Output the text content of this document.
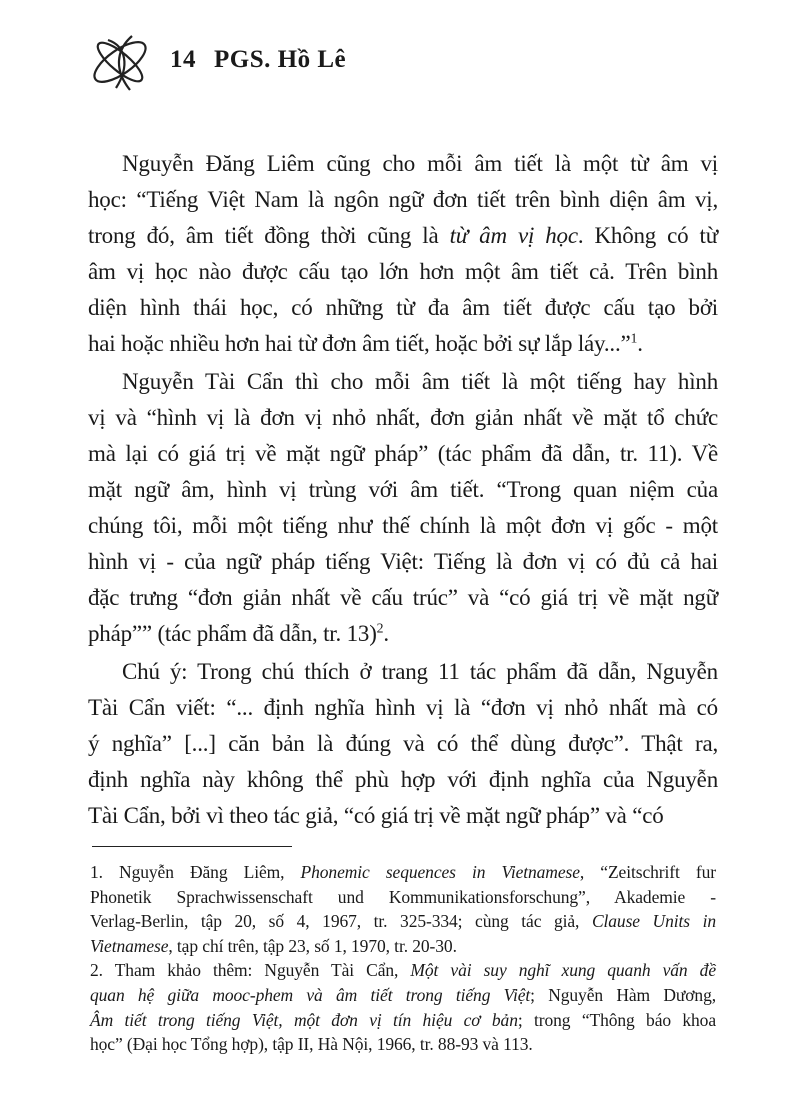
14 PGS. Hồ Lê
Nguyễn Đăng Liêm cũng cho mỗi âm tiết là một từ âm vị
học: “Tiếng Việt Nam là ngôn ngữ đơn tiết trên bình diện âm vị,
trong đó, âm tiết đồng thời cũng là từ âm vị học. Không có từ
âm vị học nào được cấu tạo lớn hơn một âm tiết cả. Trên bình
diện hình thái học, có những từ đa âm tiết được cấu tạo bởi
hai hoặc nhiều hơn hai từ đơn âm tiết, hoặc bởi sự lắp láy...”$^1$.
Nguyễn Tài Cẩn thì cho mỗi âm tiết là một tiếng hay hình
vị và “hình vị là đơn vị nhỏ nhất, đơn giản nhất về mặt tổ chức
mà lại có giá trị về mặt ngữ pháp” (tác phẩm đã dẫn, tr. 11). Về
mặt ngữ âm, hình vị trùng với âm tiết. “Trong quan niệm của
chúng tôi, mỗi một tiếng như thế chính là một đơn vị gốc - một
hình vị - của ngữ pháp tiếng Việt: Tiếng là đơn vị có đủ cả hai
đặc trưng “đơn giản nhất về cấu trúc” và “có giá trị về mặt ngữ
pháp”” (tác phẩm đã dẫn, tr. 13)$^2$.
Chú ý: Trong chú thích ở trang 11 tác phẩm đã dẫn, Nguyễn
Tài Cẩn viết: “... định nghĩa hình vị là “đơn vị nhỏ nhất mà có
ý nghĩa” [...] căn bản là đúng và có thể dùng được”. Thật ra,
định nghĩa này không thể phù hợp với định nghĩa của Nguyễn
Tài Cẩn, bởi vì theo tác giả, “có giá trị về mặt ngữ pháp” và “có
1. Nguyễn Đăng Liêm, Phonemic sequences in Vietnamese, “Zeitschrift fur
Phonetik Sprachwissenschaft und Kommunikationsforschung”, Akademie -
Verlag-Berlin, tập 20, số 4, 1967, tr. 325-334; cùng tác giả, Clause Units in
Vietnamese, tạp chí trên, tập 23, số 1, 1970, tr. 20-30.
2. Tham khảo thêm: Nguyễn Tài Cẩn, Một vài suy nghĩ xung quanh vấn đề
quan hệ giữa mooc-phem và âm tiết trong tiếng Việt; Nguyễn Hàm Dương,
Âm tiết trong tiếng Việt, một đơn vị tín hiệu cơ bản; trong “Thông báo khoa
học” (Đại học Tổng hợp), tập II, Hà Nội, 1966, tr. 88-93 và 113.
